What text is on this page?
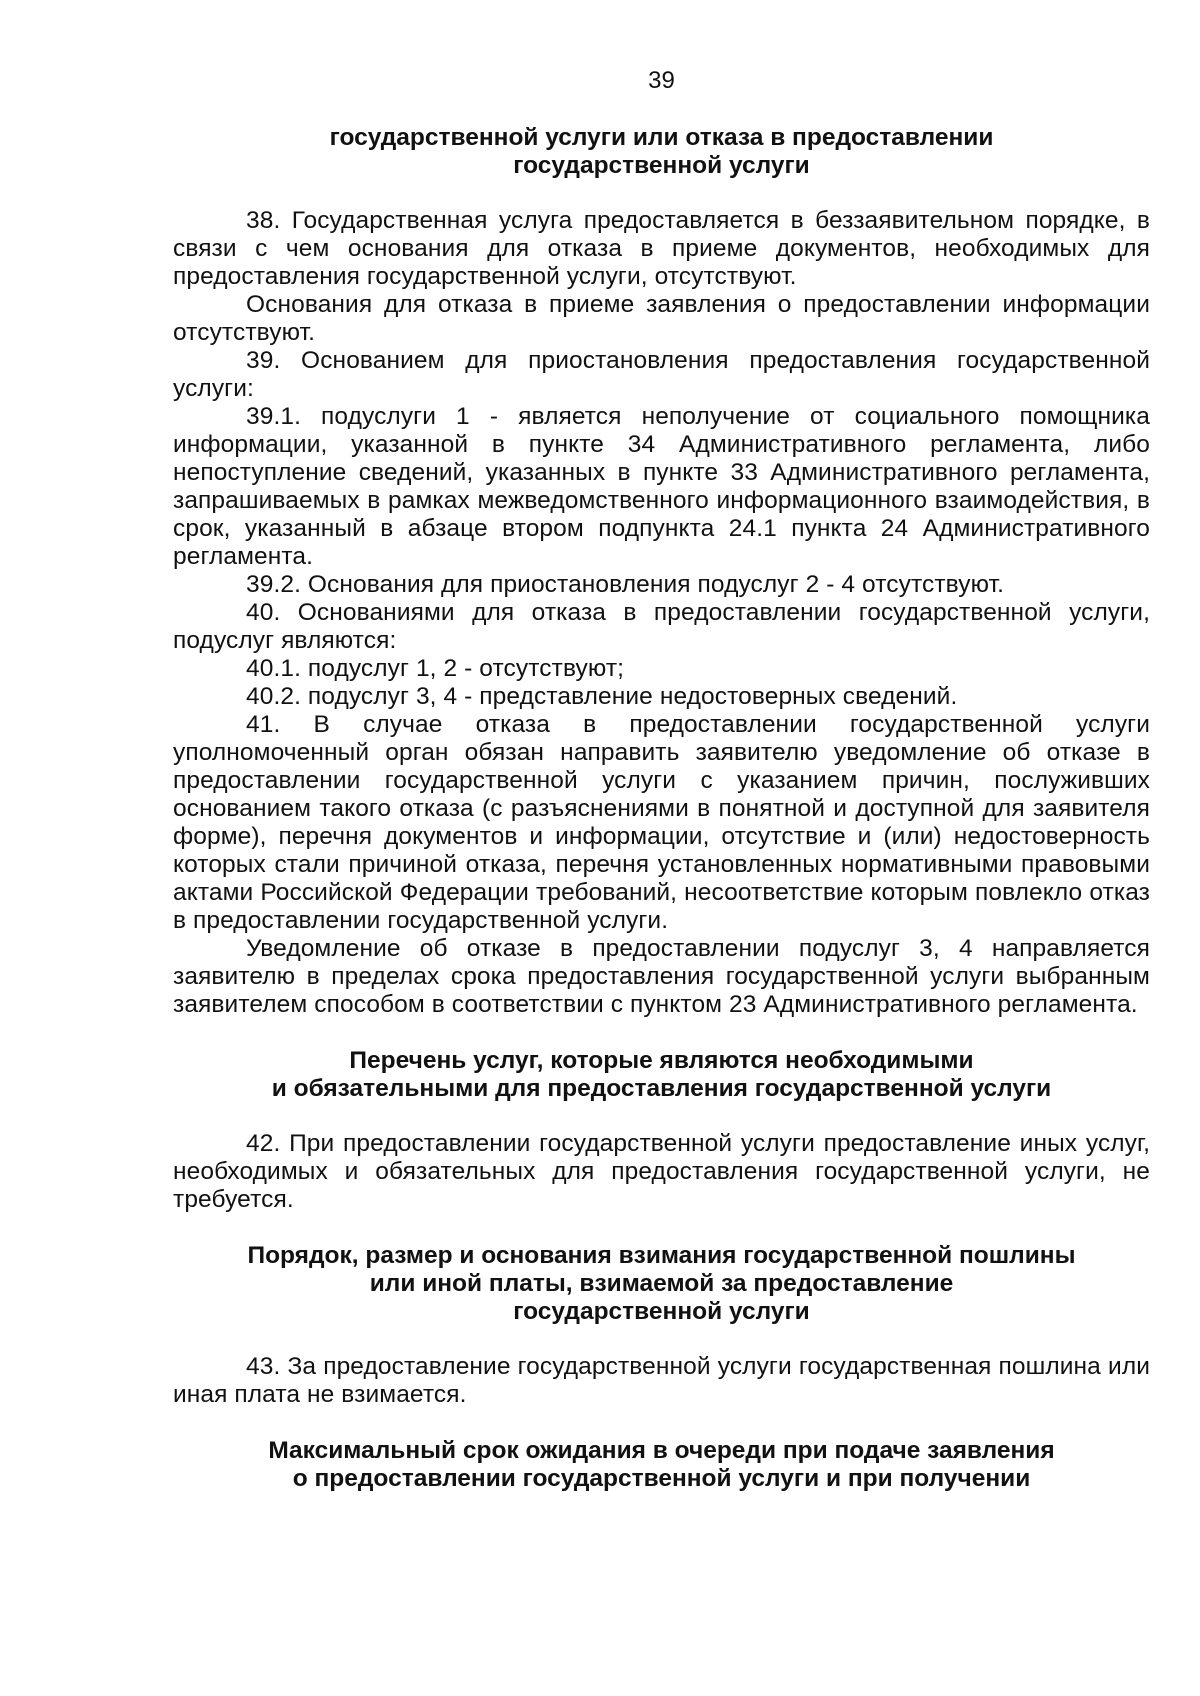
39
государственной услуги или отказа в предоставлении
государственной услуги

38. Государственная услуга предоставляется в беззаявительном порядке, в связи с чем основания для отказа в приеме документов, необходимых для предоставления государственной услуги, отсутствуют.

Основания для отказа в приеме заявления о предоставлении информации отсутствуют.

39. Основанием для приостановления предоставления государственной услуги:

39.1. подуслуги 1 - является неполучение от социального помощника информации, указанной в пункте 34 Административного регламента, либо непоступление сведений, указанных в пункте 33 Административного регламента, запрашиваемых в рамках межведомственного информационного взаимодействия, в срок, указанный в абзаце втором подпункта 24.1 пункта 24 Административного регламента.

39.2. Основания для приостановления подуслуг 2 - 4 отсутствуют.

40. Основаниями для отказа в предоставлении государственной услуги, подуслуг являются:

40.1. подуслуг 1, 2 - отсутствуют;

40.2. подуслуг 3, 4 - представление недостоверных сведений.

41. В случае отказа в предоставлении государственной услуги уполномоченный орган обязан направить заявителю уведомление об отказе в предоставлении государственной услуги с указанием причин, послуживших основанием такого отказа (с разъяснениями в понятной и доступной для заявителя форме), перечня документов и информации, отсутствие и (или) недостоверность которых стали причиной отказа, перечня установленных нормативными правовыми актами Российской Федерации требований, несоответствие которым повлекло отказ в предоставлении государственной услуги.

Уведомление об отказе в предоставлении подуслуг 3, 4 направляется заявителю в пределах срока предоставления государственной услуги выбранным заявителем способом в соответствии с пунктом 23 Административного регламента.

Перечень услуг, которые являются необходимыми
и обязательными для предоставления государственной услуги

42. При предоставлении государственной услуги предоставление иных услуг, необходимых и обязательных для предоставления государственной услуги, не требуется.

Порядок, размер и основания взимания государственной пошлины
или иной платы, взимаемой за предоставление
государственной услуги

43. За предоставление государственной услуги государственная пошлина или иная плата не взимается.

Максимальный срок ожидания в очереди при подаче заявления
о предоставлении государственной услуги и при получении
